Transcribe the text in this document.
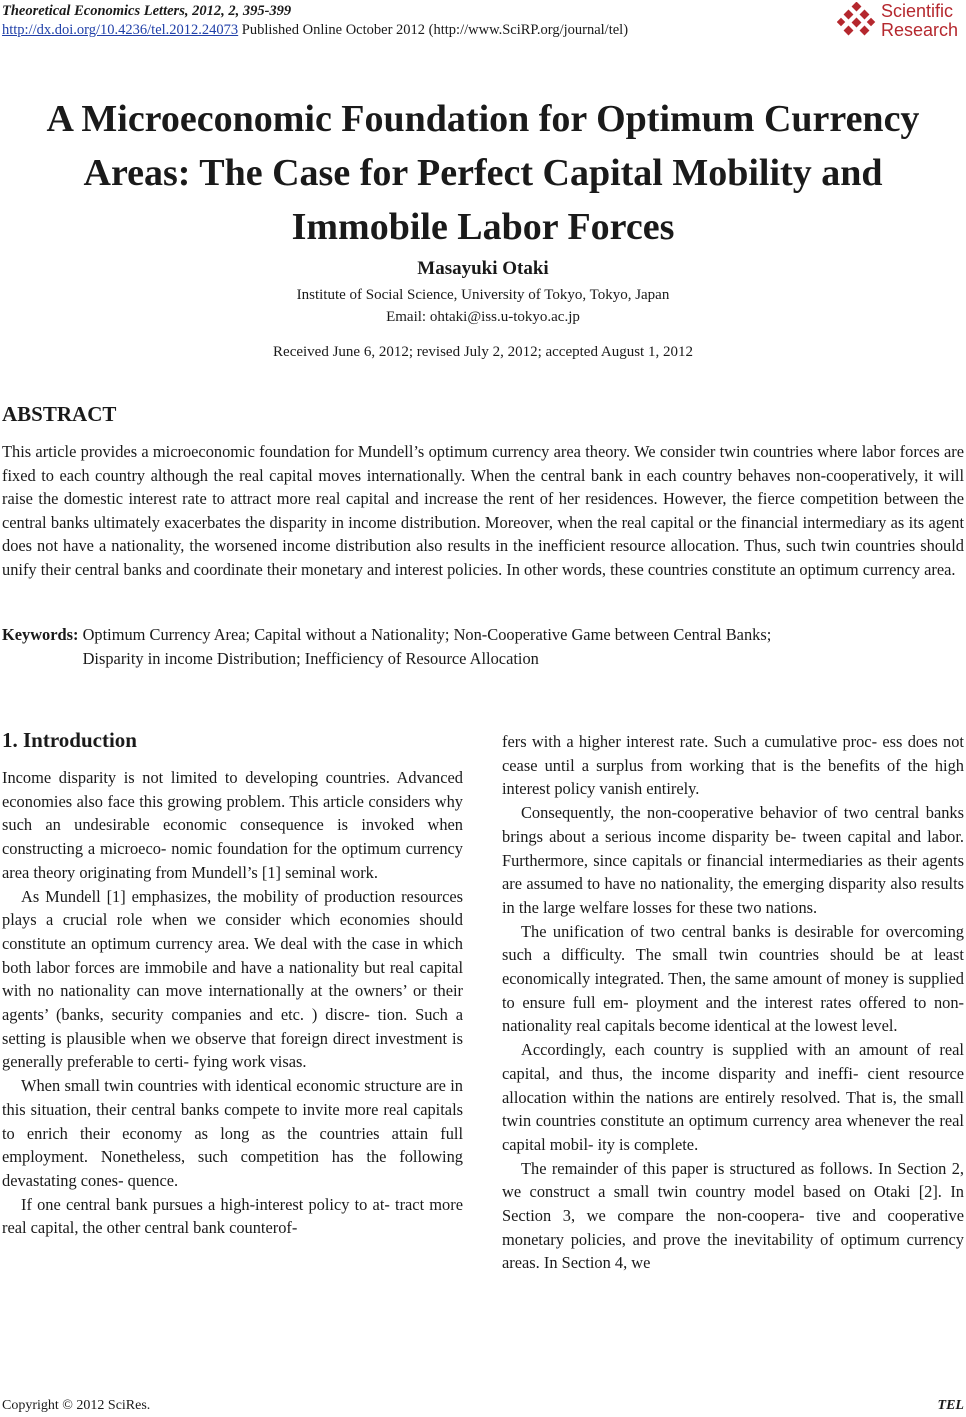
Theoretical Economics Letters, 2012, 2, 395-399
http://dx.doi.org/10.4236/tel.2012.24073 Published Online October 2012 (http://www.SciRP.org/journal/tel)
Scientific
Research
A Microeconomic Foundation for Optimum Currency
Areas: The Case for Perfect Capital Mobility and
Immobile Labor Forces
Masayuki Otaki
Institute of Social Science, University of Tokyo, Tokyo, Japan
Email: ohtaki@iss.u-tokyo.ac.jp
Received June 6, 2012; revised July 2, 2012; accepted August 1, 2012
ABSTRACT
This article provides a microeconomic foundation for Mundell’s optimum currency area theory. We consider twin countries where labor forces are fixed to each country although the real capital moves internationally. When the central bank in each country behaves non-cooperatively, it will raise the domestic interest rate to attract more real capital and increase the rent of her residences. However, the fierce competition between the central banks ultimately exacerbates the disparity in income distribution. Moreover, when the real capital or the financial intermediary as its agent does not have a nationality, the worsened income distribution also results in the inefficient resource allocation. Thus, such twin countries should unify their central banks and coordinate their monetary and interest policies. In other words, these countries constitute an optimum currency area.
Keywords: Optimum Currency Area; Capital without a Nationality; Non-Cooperative Game between Central Banks;
Disparity in income Distribution; Inefficiency of Resource Allocation
1. Introduction

Income disparity is not limited to developing countries. Advanced economies also face this growing problem. This article considers why such an undesirable economic consequence is invoked when constructing a microeco- nomic foundation for the optimum currency area theory originating from Mundell’s [1] seminal work.

As Mundell [1] emphasizes, the mobility of production resources plays a crucial role when we consider which economies should constitute an optimum currency area. We deal with the case in which both labor forces are immobile and have a nationality but real capital with no nationality can move internationally at the owners’ or their agents’ (banks, security companies and etc. ) discre- tion. Such a setting is plausible when we observe that foreign direct investment is generally preferable to certi- fying work visas.

When small twin countries with identical economic structure are in this situation, their central banks compete to invite more real capitals to enrich their economy as long as the countries attain full employment. Nonetheless, such competition has the following devastating cones- quence.

If one central bank pursues a high-interest policy to at- tract more real capital, the other central bank counterof-

fers with a higher interest rate. Such a cumulative proc- ess does not cease until a surplus from working that is the benefits of the high interest policy vanish entirely.

Consequently, the non-cooperative behavior of two central banks brings about a serious income disparity be- tween capital and labor. Furthermore, since capitals or financial intermediaries as their agents are assumed to have no nationality, the emerging disparity also results in the large welfare losses for these two nations.

The unification of two central banks is desirable for overcoming such a difficulty. The small twin countries should be at least economically integrated. Then, the same amount of money is supplied to ensure full em- ployment and the interest rates offered to non-nationality real capitals become identical at the lowest level.

Accordingly, each country is supplied with an amount of real capital, and thus, the income disparity and ineffi- cient resource allocation within the nations are entirely resolved. That is, the small twin countries constitute an optimum currency area whenever the real capital mobil- ity is complete.

The remainder of this paper is structured as follows. In Section 2, we construct a small twin country model based on Otaki [2]. In Section 3, we compare the non-coopera- tive and cooperative monetary policies, and prove the inevitability of optimum currency areas. In Section 4, we

Copyright © 2012 SciRes.	TEL
